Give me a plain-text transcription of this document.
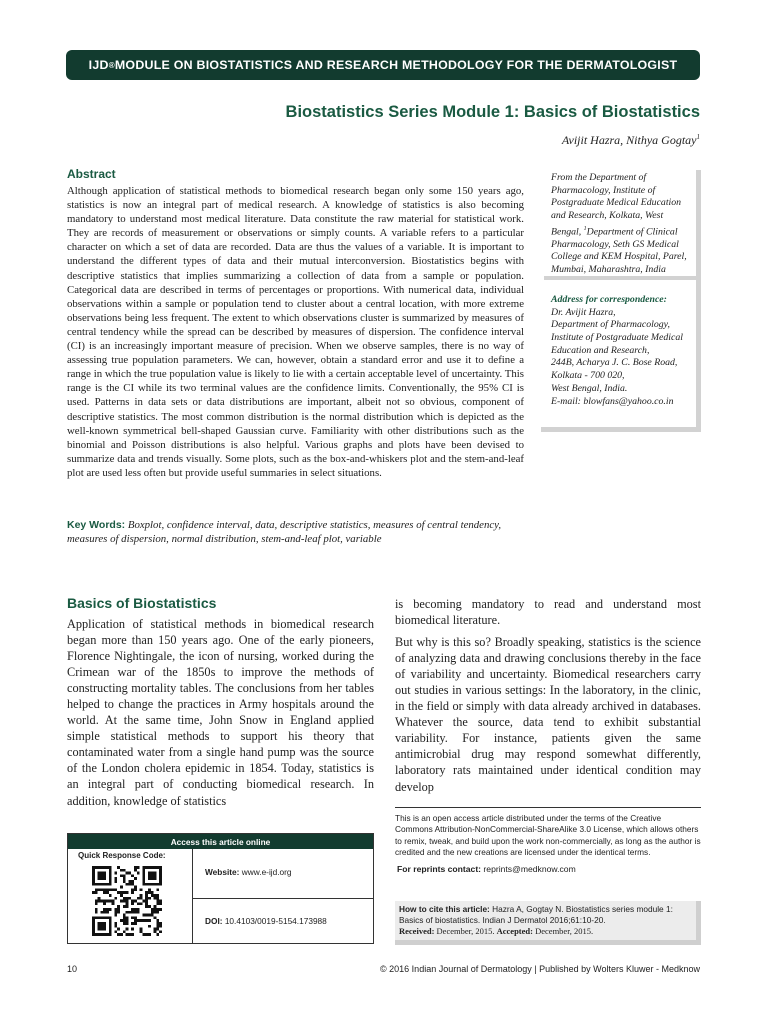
IJD ® MODULE ON BIOSTATISTICS AND RESEARCH METHODOLOGY FOR THE DERMATOLOGIST
Biostatistics Series Module 1: Basics of Biostatistics
Avijit Hazra, Nithya Gogtay$^1$
Abstract

Although application of statistical methods to biomedical research began only some 150 years ago, statistics is now an integral part of medical research. A knowledge of statistics is also becoming mandatory to understand most medical literature. Data constitute the raw material for statistical work. They are records of measurement or observations or simply counts. A variable refers to a particular character on which a set of data are recorded. Data are thus the values of a variable. It is important to understand the different types of data and their mutual interconversion. Biostatistics begins with descriptive statistics that implies summarizing a collection of data from a sample or population. Categorical data are described in terms of percentages or proportions. With numerical data, individual observations within a sample or population tend to cluster about a central location, with more extreme observations being less frequent. The extent to which observations cluster is summarized by measures of central tendency while the spread can be described by measures of dispersion. The confidence interval (CI) is an increasingly important measure of precision. When we observe samples, there is no way of assessing true population parameters. We can, however, obtain a standard error and use it to define a range in which the true population value is likely to lie with a certain acceptable level of uncertainty. This range is the CI while its two terminal values are the confidence limits. Conventionally, the 95% CI is used. Patterns in data sets or data distributions are important, albeit not so obvious, component of descriptive statistics. The most common distribution is the normal distribution which is depicted as the well-known symmetrical bell-shaped Gaussian curve. Familiarity with other distributions such as the binomial and Poisson distributions is also helpful. Various graphs and plots have been devised to summarize data and trends visually. Some plots, such as the box-and-whiskers plot and the stem-and-leaf plot are used less often but provide useful summaries in select situations.

Key Words: Boxplot, confidence interval, data, descriptive statistics, measures of central tendency, measures of dispersion, normal distribution, stem-and-leaf plot, variable

From the Department of Pharmacology, Institute of Postgraduate Medical Education and Research, Kolkata, West Bengal, $^1$Department of Clinical Pharmacology, Seth GS Medical College and KEM Hospital, Parel, Mumbai, Maharashtra, India

Address for correspondence:

Dr. Avijit Hazra,

Department of Pharmacology,

Institute of Postgraduate Medical

Education and Research,

244B, Acharya J. C. Bose Road,

Kolkata - 700 020,

West Bengal, India.

E-mail: blowfans@yahoo.co.in

Basics of Biostatistics

Application of statistical methods in biomedical research began more than 150 years ago. One of the early pioneers, Florence Nightingale, the icon of nursing, worked during the Crimean war of the 1850s to improve the methods of constructing mortality tables. The conclusions from her tables helped to change the practices in Army hospitals around the world. At the same time, John Snow in England applied simple statistical methods to support his theory that contaminated water from a single hand pump was the source of the London cholera epidemic in 1854. Today, statistics is an integral part of conducting biomedical research. In addition, knowledge of statistics

is becoming mandatory to read and understand most biomedical literature.

But why is this so? Broadly speaking, statistics is the science of analyzing data and drawing conclusions thereby in the face of variability and uncertainty. Biomedical researchers carry out studies in various settings: In the laboratory, in the clinic, in the field or simply with data already archived in databases. Whatever the source, data tend to exhibit substantial variability. For instance, patients given the same antimicrobial drug may respond somewhat differently, laboratory rats maintained under identical condition may develop

This is an open access article distributed under the terms of the Creative Commons Attribution-NonCommercial-ShareAlike 3.0 License, which allows others to remix, tweak, and build upon the work non-commercially, as long as the author is credited and the new creations are licensed under the identical terms.

For reprints contact: reprints@medknow.com
How to cite this article: Hazra A, Gogtay N. Biostatistics series module 1: Basics of biostatistics. Indian J Dermatol 2016;61:10-20.
Received: December, 2015. Accepted: December, 2015.
Access this article online
Quick Response Code:
Website: www.e-ijd.org
DOI: 10.4103/0019-5154.173988
10	© 2016 Indian Journal of Dermatology | Published by Wolters Kluwer - Medknow
